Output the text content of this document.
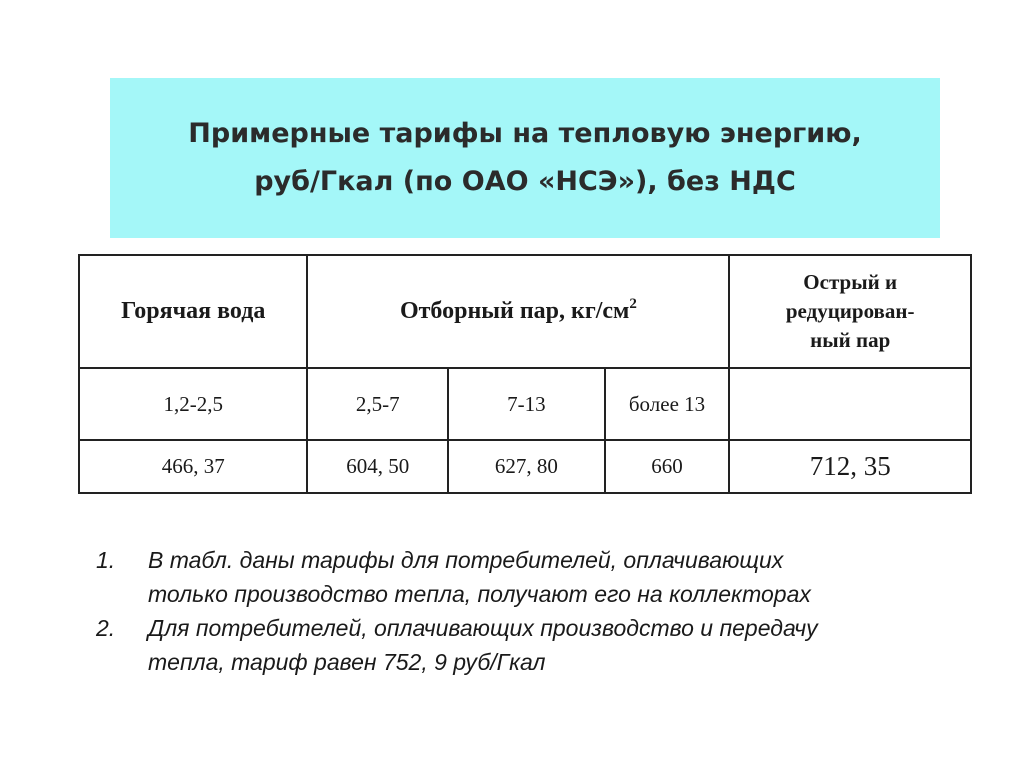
Примерные тарифы на тепловую энергию,
руб/Гкал (по ОАО «НСЭ»), без НДС
Горячая вода	Отборный пар, $кг/см^2$			Острый и
редуцирован-
ный пар

1,2-2,5	2,5-7	7-13	более 13	
466, 37	604, 50	627, 80	660	712, 35
1.	В табл. даны тарифы для потребителей, оплачивающих
только производство тепла, получают его на коллекторах
2.	Для потребителей, оплачивающих производство и передачу
тепла, тариф равен 752, 9 руб/Гкал
